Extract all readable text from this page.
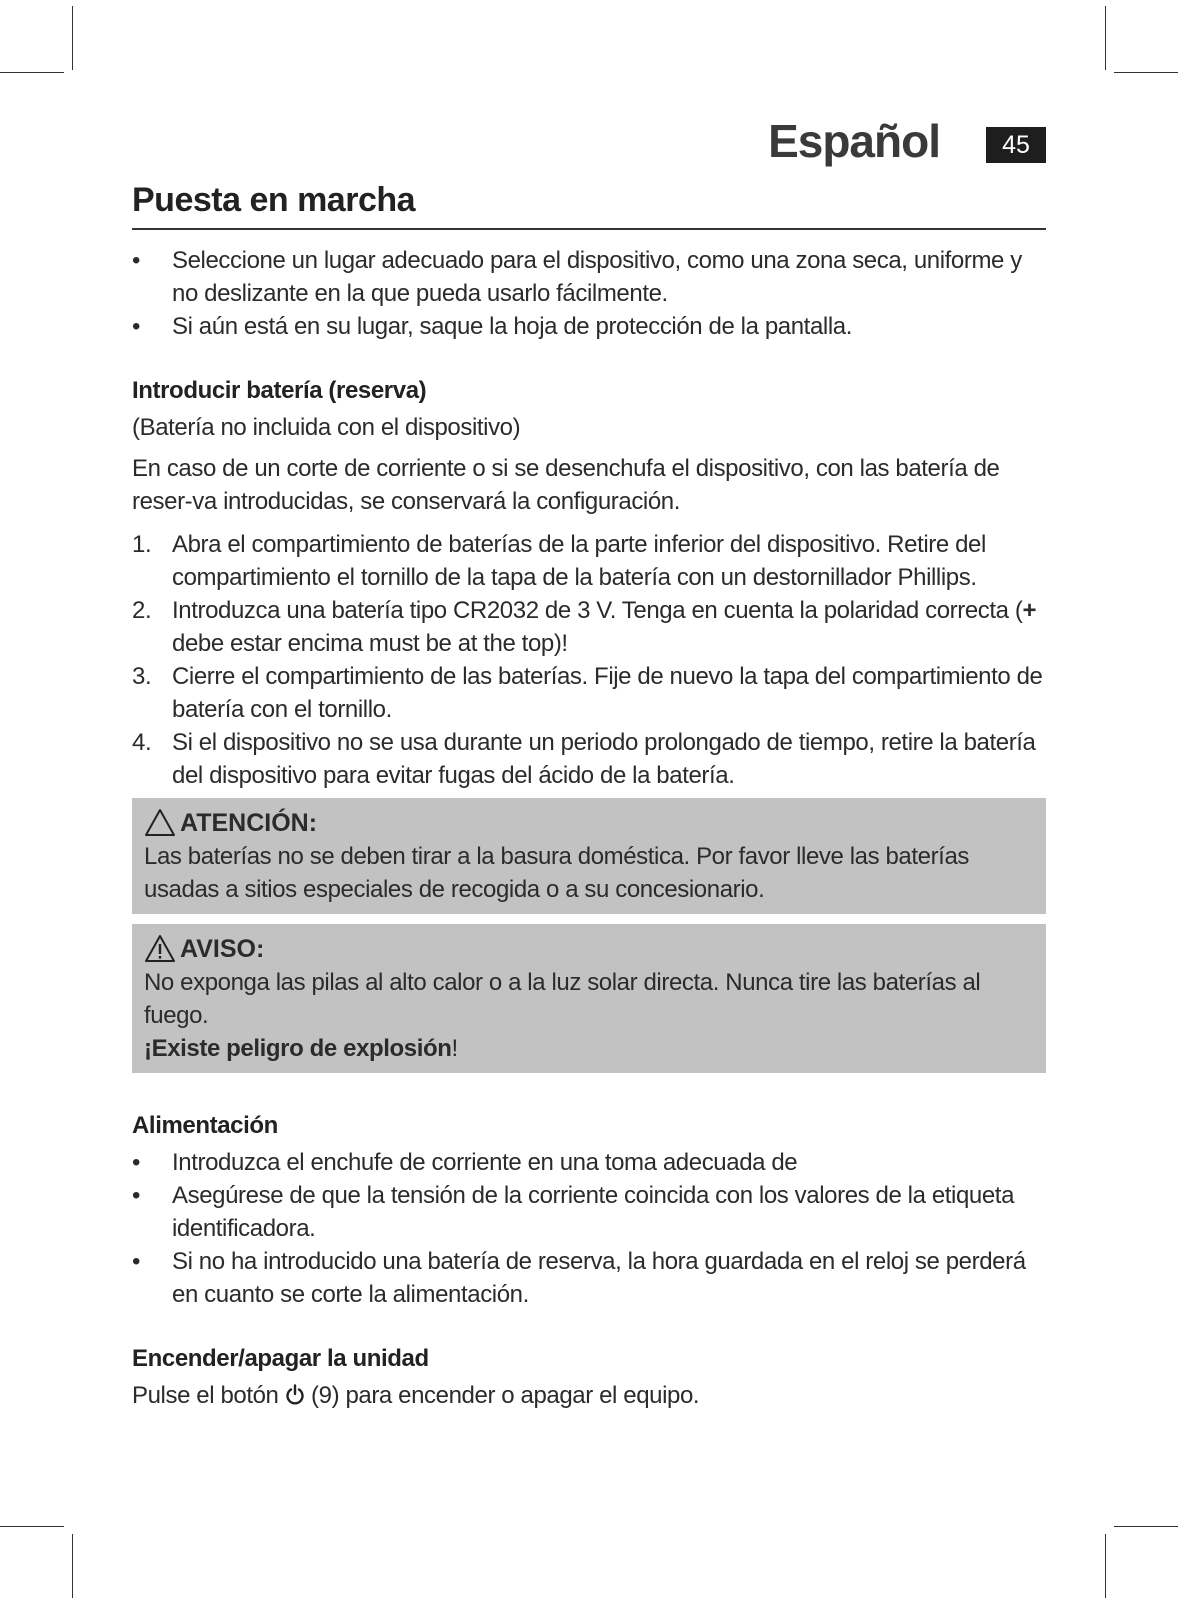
Español	45
Puesta en marcha
• Seleccione un lugar adecuado para el dispositivo, como una zona seca, uniforme y no deslizante en la que pueda usarlo fácilmente.
• Si aún está en su lugar, saque la hoja de protección de la pantalla.
Introducir batería (reserva)

(Batería no incluida con el dispositivo)

En caso de un corte de corriente o si se desenchufa el dispositivo, con las batería de reser-va introducidas, se conservará la configuración.

1. Abra el compartimiento de baterías de la parte inferior del dispositivo. Retire del compartimiento el tornillo de la tapa de la batería con un destornillador Phillips.
2. Introduzca una batería tipo CR2032 de 3 V. Tenga en cuenta la polaridad correcta (+ debe estar encima must be at the top)!
3. Cierre el compartimiento de las baterías. Fije de nuevo la tapa del compartimiento de batería con el tornillo.
4. Si el dispositivo no se usa durante un periodo prolongado de tiempo, retire la batería del dispositivo para evitar fugas del ácido de la batería.
ATENCIÓN:
Las baterías no se deben tirar a la basura doméstica. Por favor lleve las baterías usadas a sitios especiales de recogida o a su concesionario.
AVISO:
No exponga las pilas al alto calor o a la luz solar directa. Nunca tire las baterías al fuego.
¡Existe peligro de explosión!
Alimentación
• Introduzca el enchufe de corriente en una toma adecuada de
• Asegúrese de que la tensión de la corriente coincida con los valores de la etiqueta identificadora.
• Si no ha introducido una batería de reserva, la hora guardada en el reloj se perderá en cuanto se corte la alimentación.
Encender/apagar la unidad

Pulse el botón  (9) para encender o apagar el equipo.
